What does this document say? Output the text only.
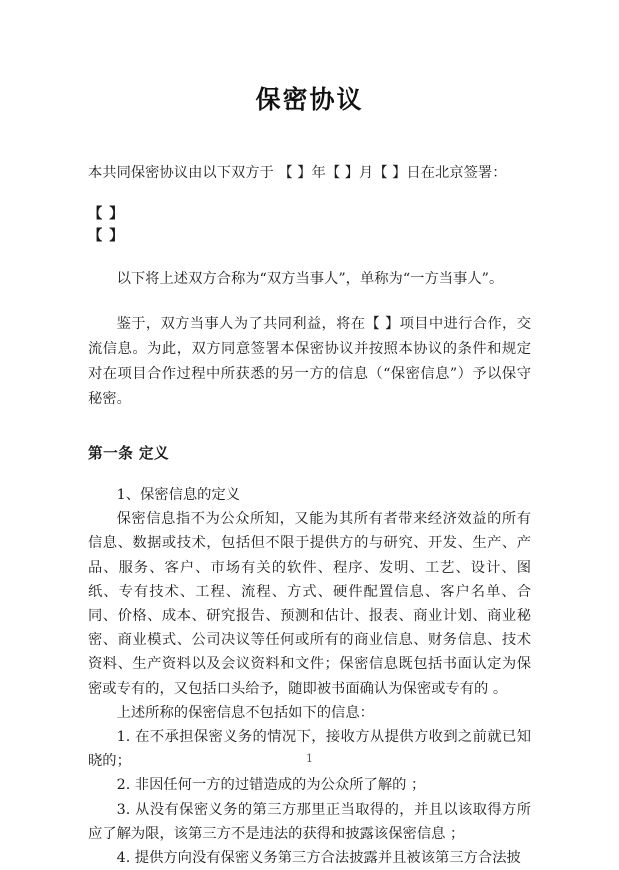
保密协议

本共同保密协议由以下双方于 【 】年【 】月【 】日在北京签署：

【 】

【 】

以下将上述双方合称为“双方当事人”，单称为“一方当事人”。

鉴于，双方当事人为了共同利益，将在【 】项目中进行合作，交流信息。为此，双方同意签署本保密协议并按照本协议的条件和规定对在项目合作过程中所获悉的另一方的信息（“保密信息”）予以保守秘密。

第一条 定义

1、保密信息的定义

保密信息指不为公众所知，又能为其所有者带来经济效益的所有信息、数据或技术，包括但不限于提供方的与研究、开发、生产、产品、服务、客户、市场有关的软件、程序、发明、工艺、设计、图纸、专有技术、工程、流程、方式、硬件配置信息、客户名单、合同、价格、成本、研究报告、预测和估计、报表、商业计划、商业秘密、商业模式、公司决议等任何或所有的商业信息、财务信息、技术资料、生产资料以及会议资料和文件；保密信息既包括书面认定为保密或专有的，又包括口头给予，随即被书面确认为保密或专有的 。

上述所称的保密信息不包括如下的信息：

1. 在不承担保密义务的情况下，接收方从提供方收到之前就已知晓的；

2. 非因任何一方的过错造成的为公众所了解的 ；

3. 从没有保密义务的第三方那里正当取得的，并且以该取得方所应了解为限，该第三方不是违法的获得和披露该保密信息 ；

4. 提供方向没有保密义务第三方合法披露并且被该第三方合法披

1
